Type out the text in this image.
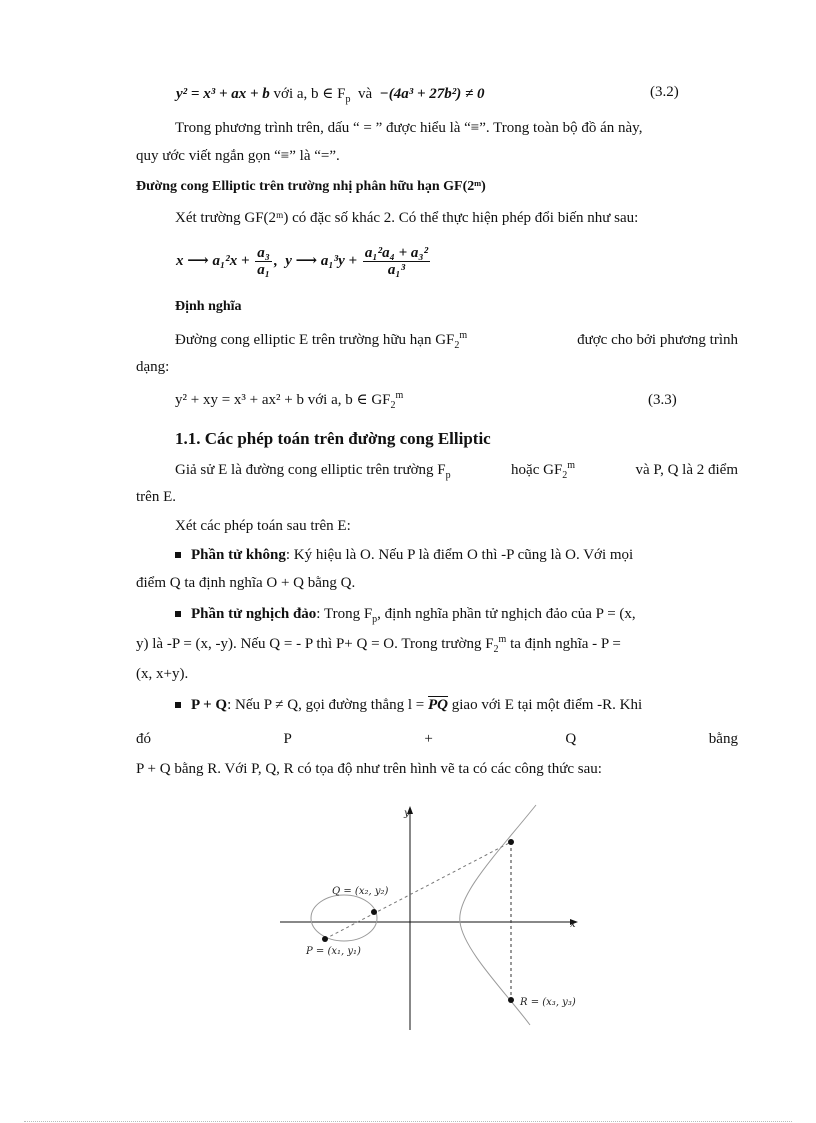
y² = x³ + ax + b với a, b ∈ $F_p$ và −(4a³ + 27b²) ≠ 0	(3.2)
Trong phương trình trên, dấu “ = ” được hiểu là “≡”. Trong toàn bộ đồ án này,
quy ước viết ngắn gọn “≡” là “=”.
Đường cong Elliptic trên trường nhị phân hữu hạn GF(2ᵐ)
Xét trường GF(2ᵐ) có đặc số khác 2. Có thể thực hiện phép đổi biến như sau:
x ⟶ $a_1^2x + \frac{\text{a₃}}{\text{a₁}}$ , y ⟶ $a_1^3y + \frac{\text{a₁²a₄ + a₃²}}{\text{a₁³}}$
Định nghĩa
Đường cong elliptic E trên trường hữu hạn $GF_2^m$	được cho bởi phương trình
dạng:
y² + xy = x³ + ax² + b với a, b ∈ $GF_2^m$	(3.3)
1.1. Các phép toán trên đường cong Elliptic
Giả sử E là đường cong elliptic trên trường $F_p$	hoặc $GF_2^m$	và P, Q là 2 điểm
trên E.
Xét các phép toán sau trên E:
Phần tử không: Ký hiệu là O. Nếu P là điểm O thì -P cũng là O. Với mọi
điểm Q ta định nghĩa O + Q bằng Q.
Phần tử nghịch đảo: Trong $F_p$, định nghĩa phần tử nghịch đảo của P = (x,
y) là -P = (x, -y). Nếu Q = - P thì P+ Q = O. Trong trường $F_2^m$ ta định nghĩa - P =
(x, x+y).
P + Q: Nếu P ≠ Q, gọi đường thẳng $l = \overline{PQ}$ giao với E tại một điểm -R. Khi
đó	P	+	Q	bằng
P + Q bằng R. Với P, Q, R có tọa độ như trên hình vẽ ta có các công thức sau:
y
x
Q = (x₂, y₂)
P = (x₁, y₁)
R = (x₃, y₃)
